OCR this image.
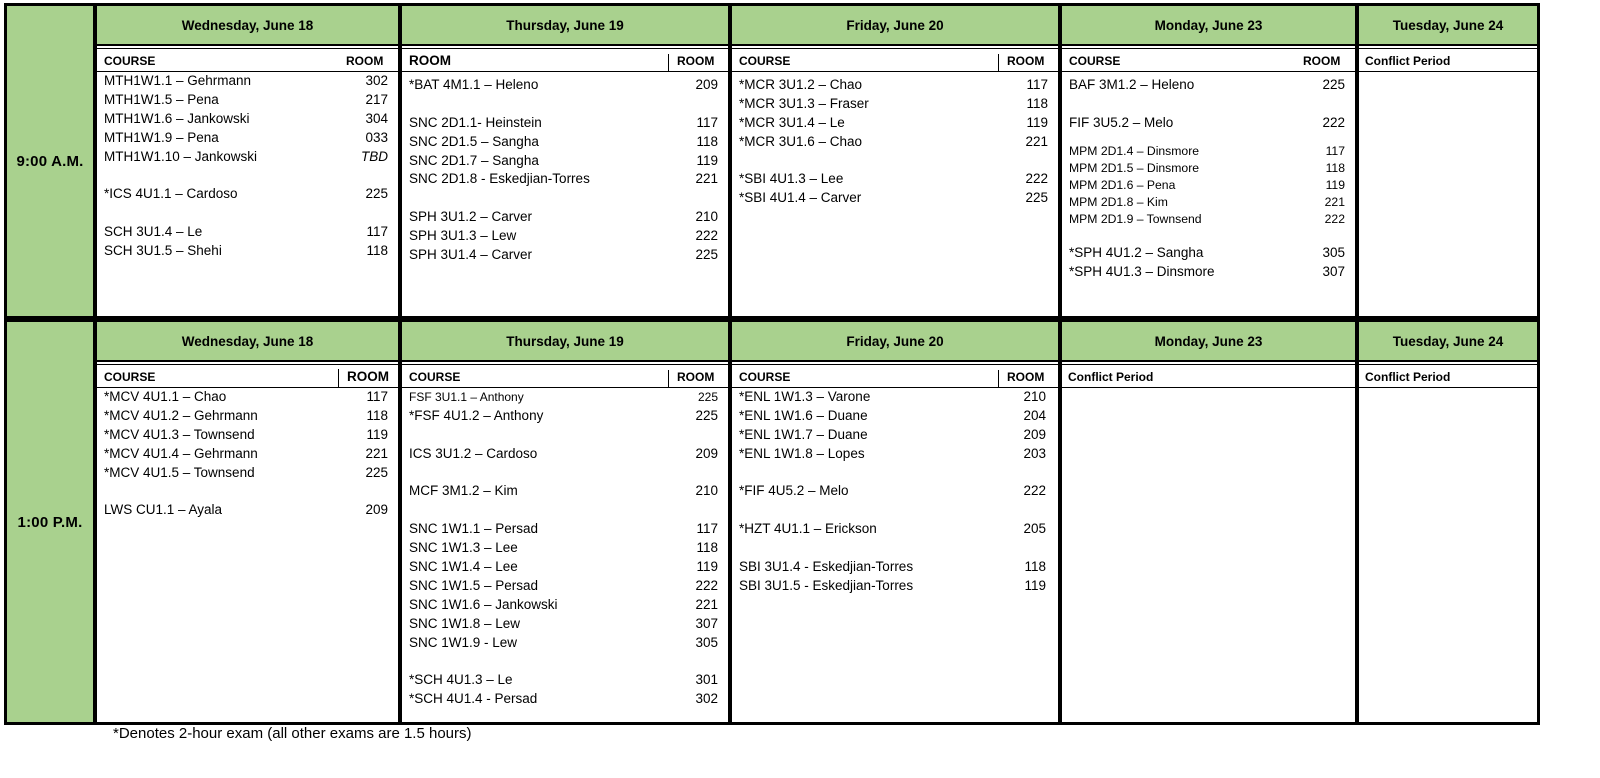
9:00 A.M.
Wednesday, June 18
COURSE	ROOM
MTH1W1.1 – Gehrmann	302
MTH1W1.5 – Pena	217
MTH1W1.6 – Jankowski	304
MTH1W1.9 – Pena	033
MTH1W1.10 – Jankowski	TBD
*ICS 4U1.1 – Cardoso	225
SCH 3U1.4 – Le	117
SCH 3U1.5 – Shehi	118
Thursday, June 19
ROOM	ROOM
*BAT 4M1.1 – Heleno	209
SNC 2D1.1- Heinstein	117
SNC 2D1.5 – Sangha	118
SNC 2D1.7 – Sangha	119
SNC 2D1.8 - Eskedjian-Torres	221
SPH 3U1.2 – Carver	210
SPH 3U1.3 – Lew	222
SPH 3U1.4 – Carver	225
Friday, June 20
COURSE	ROOM
*MCR 3U1.2 – Chao	117
*MCR 3U1.3 – Fraser	118
*MCR 3U1.4 – Le	119
*MCR 3U1.6 – Chao	221
*SBI 4U1.3 – Lee	222
*SBI 4U1.4 – Carver	225
Monday, June 23
COURSE	ROOM
BAF 3M1.2 – Heleno	225
FIF 3U5.2 – Melo	222
MPM 2D1.4 – Dinsmore	117
MPM 2D1.5 – Dinsmore	118
MPM 2D1.6 – Pena	119
MPM 2D1.8 – Kim	221
MPM 2D1.9 – Townsend	222
*SPH 4U1.2 – Sangha	305
*SPH 4U1.3 – Dinsmore	307
Tuesday, June 24
Conflict Period
1:00 P.M.
Wednesday, June 18
COURSE	ROOM
*MCV 4U1.1 – Chao	117
*MCV 4U1.2 – Gehrmann	118
*MCV 4U1.3 – Townsend	119
*MCV 4U1.4 – Gehrmann	221
*MCV 4U1.5 – Townsend	225
LWS CU1.1 – Ayala	209
Thursday, June 19
COURSE	ROOM
FSF 3U1.1 – Anthony	225
*FSF 4U1.2 – Anthony	225
ICS 3U1.2 – Cardoso	209
MCF 3M1.2 – Kim	210
SNC 1W1.1 – Persad	117
SNC 1W1.3 – Lee	118
SNC 1W1.4 – Lee	119
SNC 1W1.5 – Persad	222
SNC 1W1.6 – Jankowski	221
SNC 1W1.8 – Lew	307
SNC 1W1.9 - Lew	305
*SCH 4U1.3 – Le	301
*SCH 4U1.4 - Persad	302
Friday, June 20
COURSE	ROOM
*ENL 1W1.3 – Varone	210
*ENL 1W1.6 – Duane	204
*ENL 1W1.7 – Duane	209
*ENL 1W1.8 – Lopes	203
*FIF 4U5.2 – Melo	222
*HZT 4U1.1 – Erickson	205
SBI 3U1.4 - Eskedjian-Torres	118
SBI 3U1.5 - Eskedjian-Torres	119
Monday, June 23
Conflict Period
Tuesday, June 24
Conflict Period
*Denotes 2-hour exam (all other exams are 1.5 hours)
